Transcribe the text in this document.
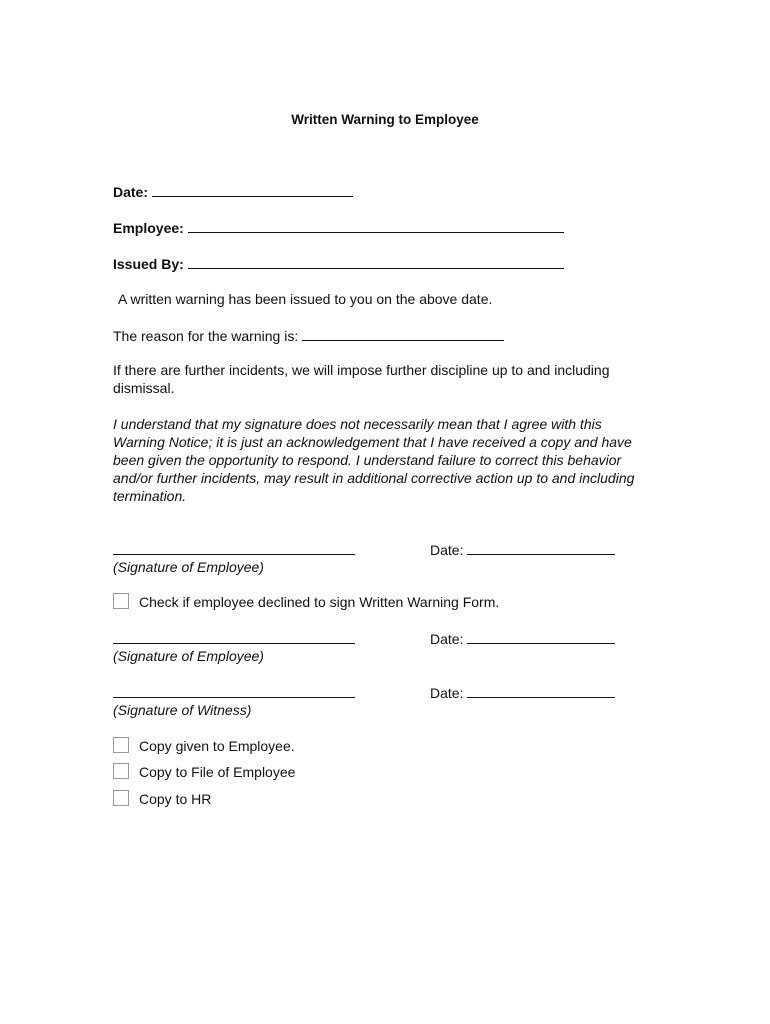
Written Warning to Employee
Date:
Employee:
Issued By:
A written warning has been issued to you on the above date.
The reason for the warning is:
If there are further incidents, we will impose further discipline up to and including dismissal.
I understand that my signature does not necessarily mean that I agree with this Warning Notice; it is just an acknowledgement that I have received a copy and have been given the opportunity to respond. I understand failure to correct this behavior and/or further incidents, may result in additional corrective action up to and including termination.
Date:
(Signature of Employee)
Check if employee declined to sign Written Warning Form.
Date:
(Signature of Employee)
Date:
(Signature of Witness)
Copy given to Employee.
Copy to File of Employee
Copy to HR
